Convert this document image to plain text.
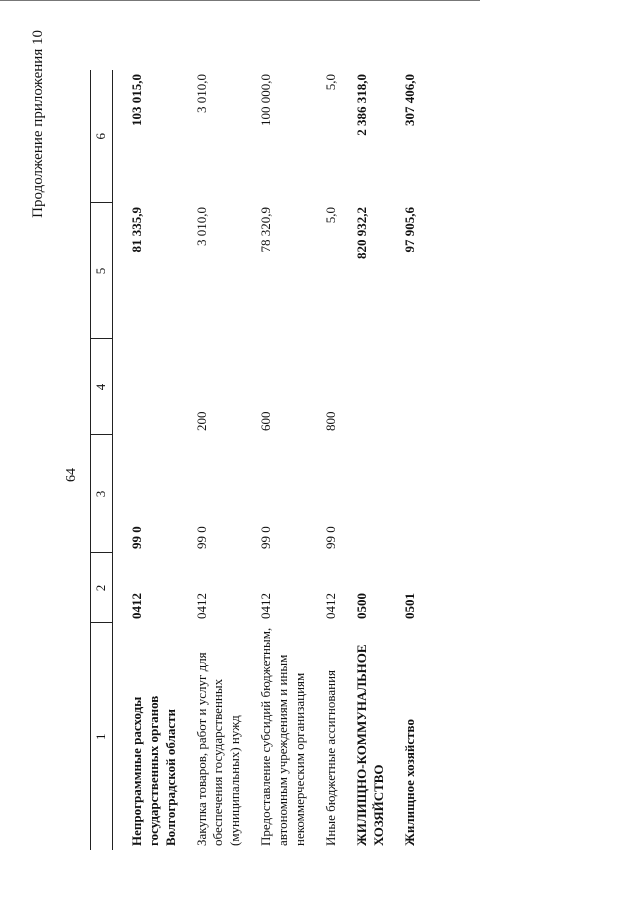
64
Продолжение приложения 10
1	2	3	4	5	6
Непрограммные расходы государственных органов Волгоградской области	0412	99 0		81 335,9	103 015,0
Закупка товаров, работ и услуг для обеспечения государственных (муниципальных) нужд	0412	99 0	200	3 010,0	3 010,0
Предоставление субсидий бюджетным, автономным учреждениям и иным некоммерческим организациям	0412	99 0	600	78 320,9	100 000,0
Иные бюджетные ассигнования	0412	99 0	800	5,0	5,0
ЖИЛИЩНО-КОММУНАЛЬНОЕ ХОЗЯЙСТВО	0500			820 932,2	2 386 318,0
Жилищное хозяйство	0501			97 905,6	307 406,0
